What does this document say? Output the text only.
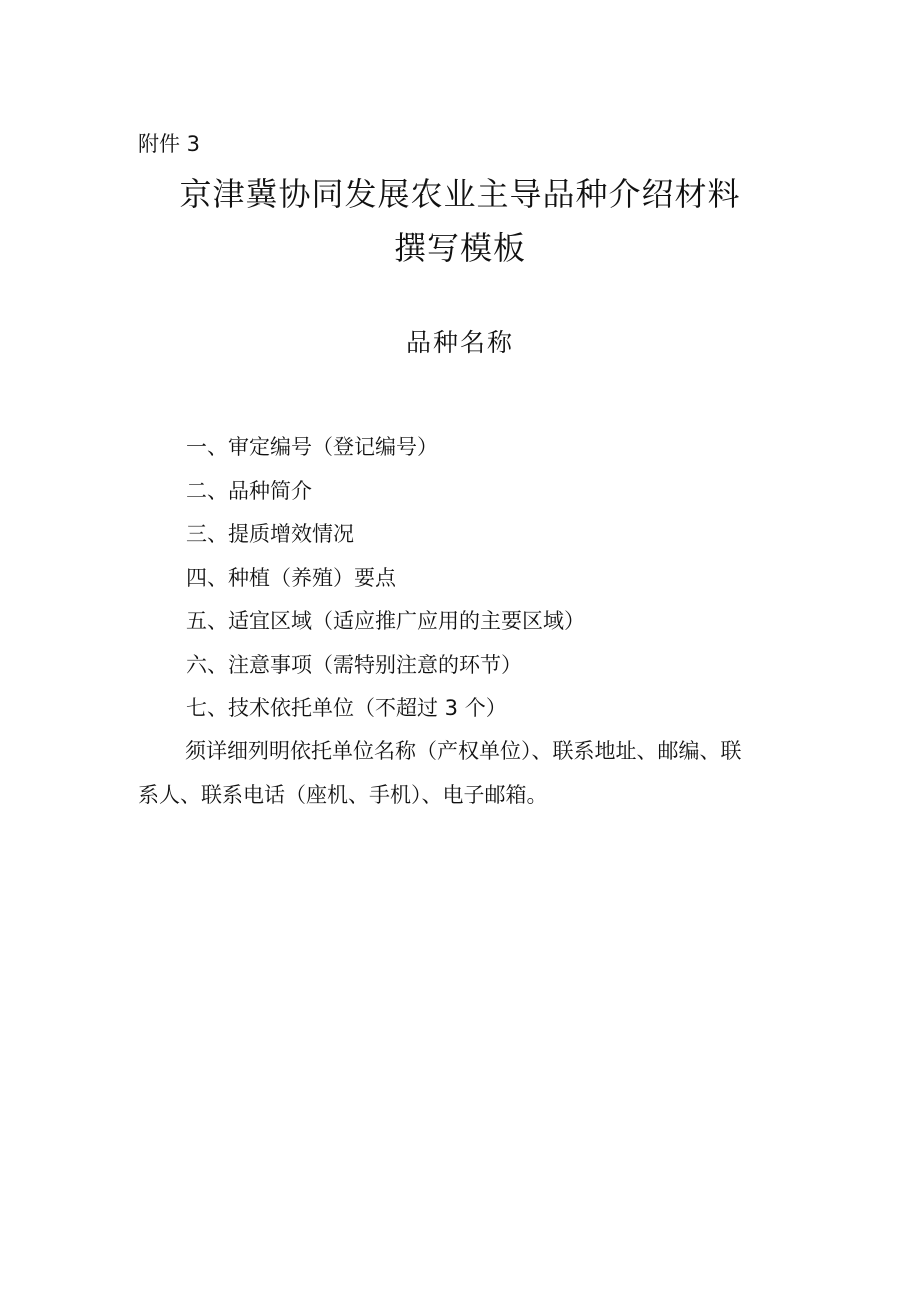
附件 3
京津冀协同发展农业主导品种介绍材料
撰写模板
品种名称
一、审定编号（登记编号）
二、品种简介
三、提质增效情况
四、种植（养殖）要点
五、适宜区域（适应推广应用的主要区域）
六、注意事项（需特别注意的环节）
七、技术依托单位（不超过 3 个）

须详细列明依托单位名称（产权单位）、联系地址、邮编、联系人、联系电话（座机、手机）、电子邮箱。
